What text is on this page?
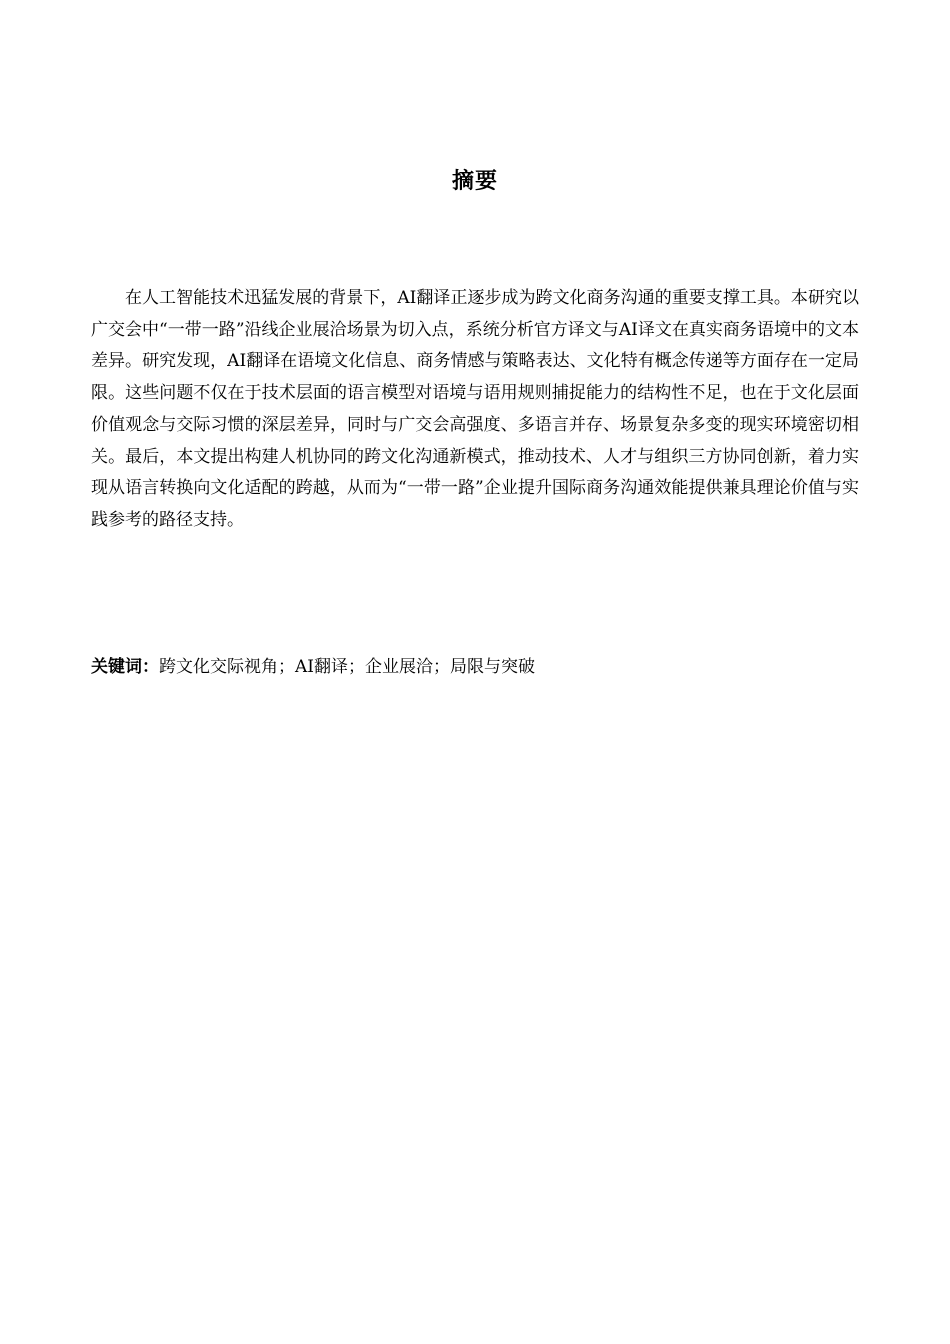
摘要

在人工智能技术迅猛发展的背景下，AI翻译正逐步成为跨文化商务沟通的重要支撑工具。本研究以广交会中“一带一路”沿线企业展洽场景为切入点，系统分析官方译文与AI译文在真实商务语境中的文本差异。研究发现，AI翻译在语境文化信息、商务情感与策略表达、文化特有概念传递等方面存在一定局限。这些问题不仅在于技术层面的语言模型对语境与语用规则捕捉能力的结构性不足，也在于文化层面价值观念与交际习惯的深层差异，同时与广交会高强度、多语言并存、场景复杂多变的现实环境密切相关。最后，本文提出构建人机协同的跨文化沟通新模式，推动技术、人才与组织三方协同创新，着力实现从语言转换向文化适配的跨越，从而为“一带一路”企业提升国际商务沟通效能提供兼具理论价值与实践参考的路径支持。

关键词：跨文化交际视角；AI翻译；企业展洽；局限与突破
